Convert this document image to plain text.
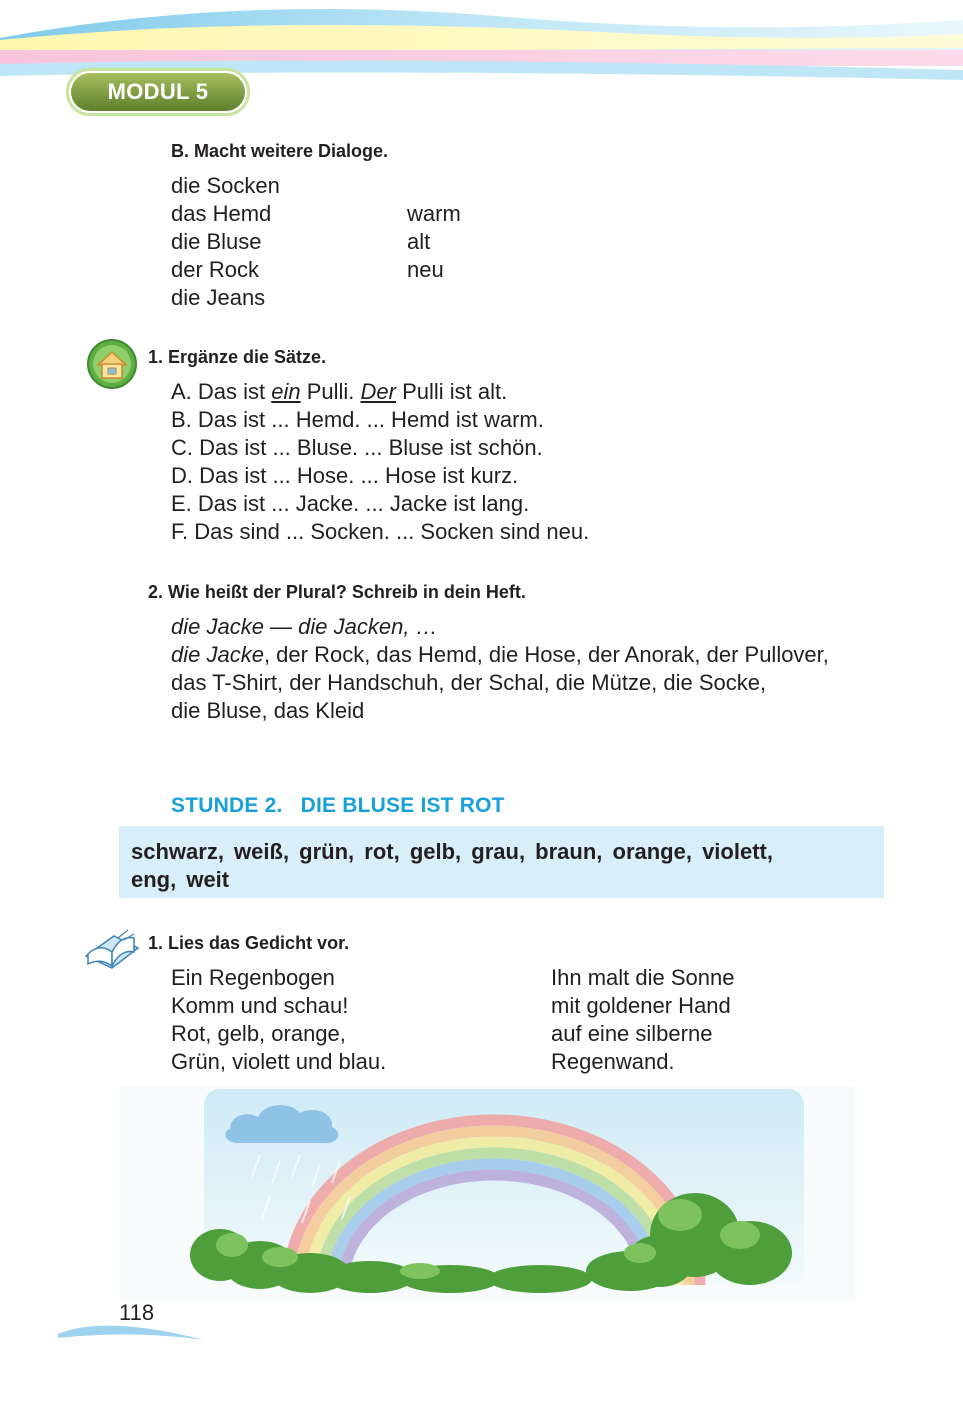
MODUL 5
B. Macht weitere Dialoge.
die Socken
das Hemd
die Bluse
der Rock
die Jeans
warm
alt
neu
1. Ergänze die Sätze.
A. Das ist ein Pulli. Der Pulli ist alt.
B. Das ist ... Hemd. ... Hemd ist warm.
C. Das ist ... Bluse. ... Bluse ist schön.
D. Das ist ... Hose. ... Hose ist kurz.
E. Das ist ... Jacke. ... Jacke ist lang.
F. Das sind ... Socken. ... Socken sind neu.
2. Wie heißt der Plural? Schreib in dein Heft.
die Jacke — die Jacken, …
die Jacke, der Rock, das Hemd, die Hose, der Anorak, der Pullover,
das T-Shirt, der Handschuh, der Schal, die Mütze, die Socke,
die Bluse, das Kleid
STUNDE 2.   DIE BLUSE IST ROT
schwarz, weiß, grün, rot, gelb, grau, braun, orange, violett,
eng, weit
1. Lies das Gedicht vor.
Ein Regenbogen
Komm und schau!
Rot, gelb, orange,
Grün, violett und blau.
Ihn malt die Sonne
mit goldener Hand
auf eine silberne
Regenwand.
118
